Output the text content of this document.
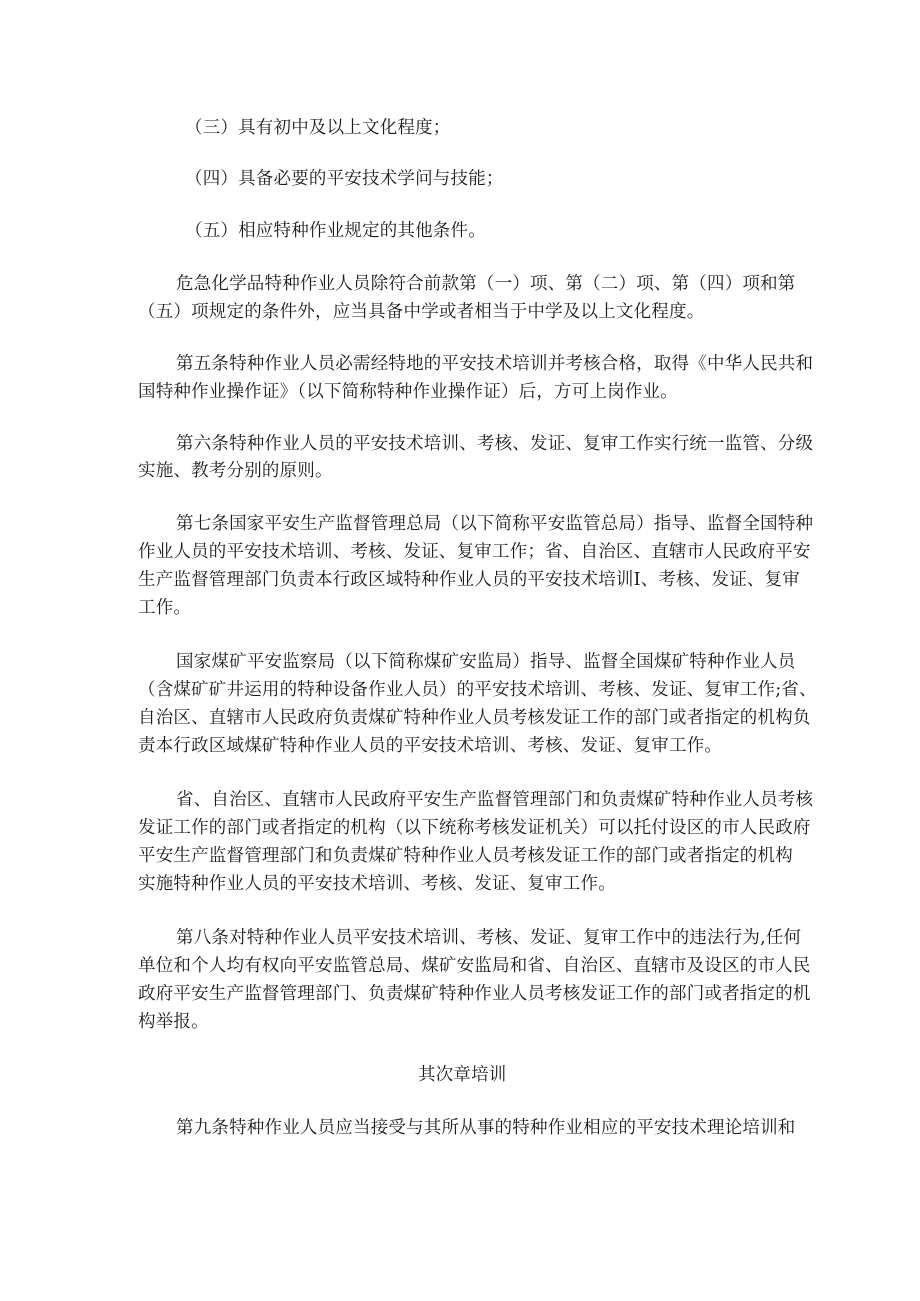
（三）具有初中及以上文化程度；
（四）具备必要的平安技术学问与技能；
（五）相应特种作业规定的其他条件。
危急化学品特种作业人员除符合前款第（一）项、第（二）项、第（四）项和第
（五）项规定的条件外，应当具备中学或者相当于中学及以上文化程度。
第五条特种作业人员必需经特地的平安技术培训并考核合格，取得《中华人民共和
国特种作业操作证》（以下简称特种作业操作证）后，方可上岗作业。
第六条特种作业人员的平安技术培训、考核、发证、复审工作实行统一监管、分级
实施、教考分别的原则。
第七条国家平安生产监督管理总局（以下简称平安监管总局）指导、监督全国特种
作业人员的平安技术培训、考核、发证、复审工作；省、自治区、直辖市人民政府平安
生产监督管理部门负责本行政区域特种作业人员的平安技术培训I、考核、发证、复审
工作。
国家煤矿平安监察局（以下简称煤矿安监局）指导、监督全国煤矿特种作业人员
（含煤矿矿井运用的特种设备作业人员）的平安技术培训、考核、发证、复审工作;省、
自治区、直辖市人民政府负责煤矿特种作业人员考核发证工作的部门或者指定的机构负
责本行政区域煤矿特种作业人员的平安技术培训、考核、发证、复审工作。
省、自治区、直辖市人民政府平安生产监督管理部门和负责煤矿特种作业人员考核
发证工作的部门或者指定的机构（以下统称考核发证机关）可以托付设区的市人民政府
平安生产监督管理部门和负责煤矿特种作业人员考核发证工作的部门或者指定的机构
实施特种作业人员的平安技术培训、考核、发证、复审工作。
第八条对特种作业人员平安技术培训、考核、发证、复审工作中的违法行为,任何
单位和个人均有权向平安监管总局、煤矿安监局和省、自治区、直辖市及设区的市人民
政府平安生产监督管理部门、负责煤矿特种作业人员考核发证工作的部门或者指定的机
构举报。
其次章培训
第九条特种作业人员应当接受与其所从事的特种作业相应的平安技术理论培训和
